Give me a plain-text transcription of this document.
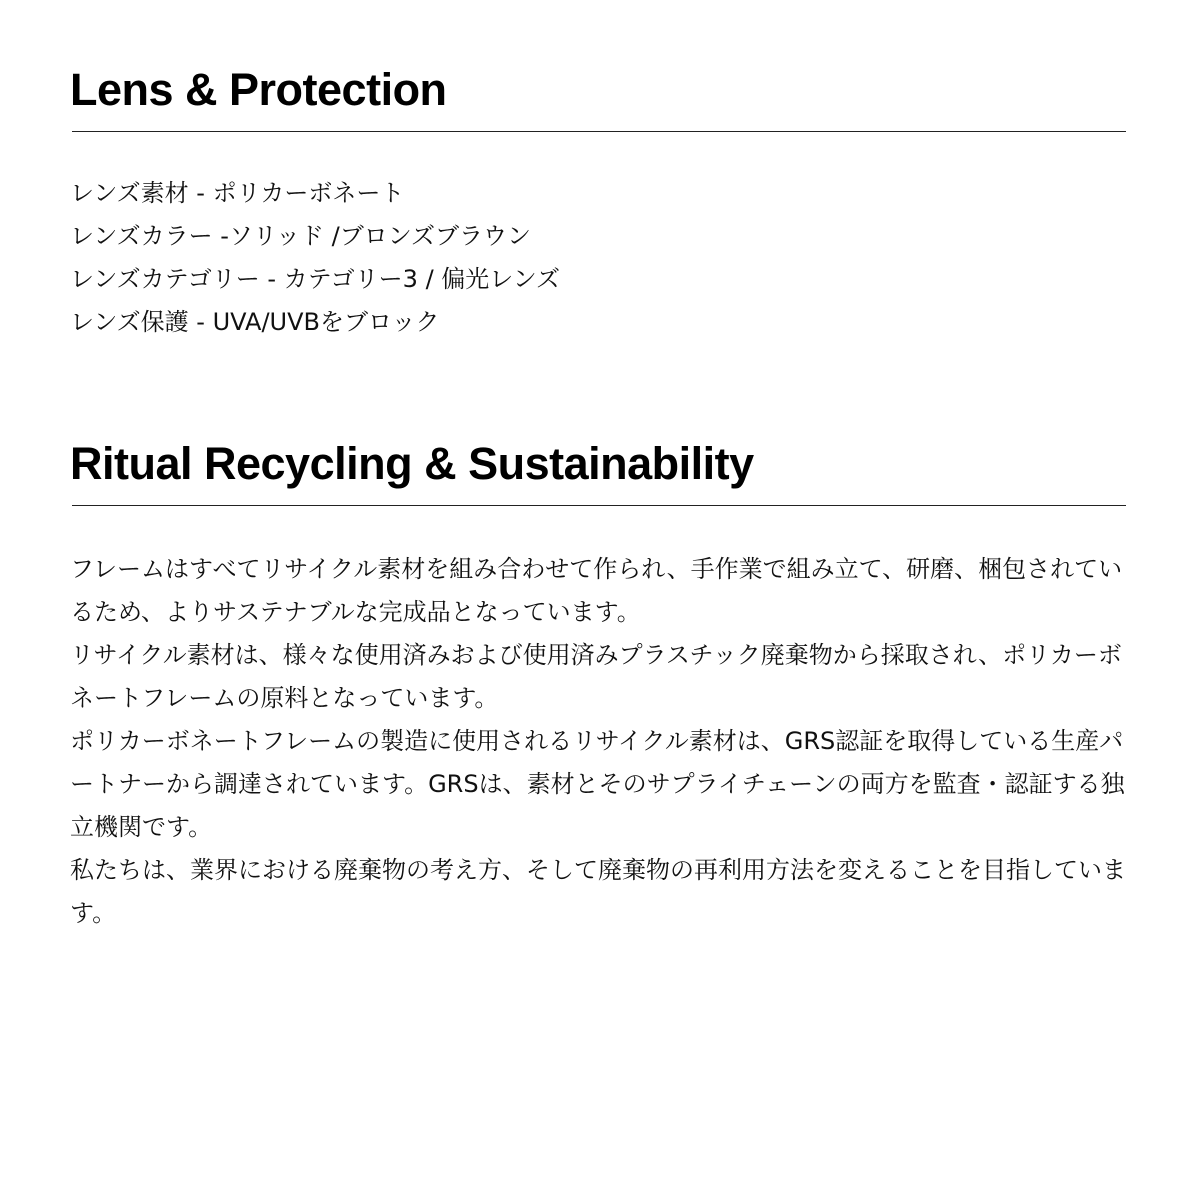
Lens & Protection
レンズ素材 - ポリカーボネート
レンズカラー -ソリッド /ブロンズブラウン
レンズカテゴリー - カテゴリー3 / 偏光レンズ
レンズ保護 - UVA/UVBをブロック
Ritual Recycling & Sustainability

フレームはすべてリサイクル素材を組み合わせて作られ、手作業で組み立て、研磨、梱包されているため、よりサステナブルな完成品となっています。

リサイクル素材は、様々な使用済みおよび使用済みプラスチック廃棄物から採取され、ポリカーボネートフレームの原料となっています。

ポリカーボネートフレームの製造に使用されるリサイクル素材は、GRS認証を取得している生産パートナーから調達されています。GRSは、素材とそのサプライチェーンの両方を監査・認証する独立機関です。

私たちは、業界における廃棄物の考え方、そして廃棄物の再利用方法を変えることを目指しています。
